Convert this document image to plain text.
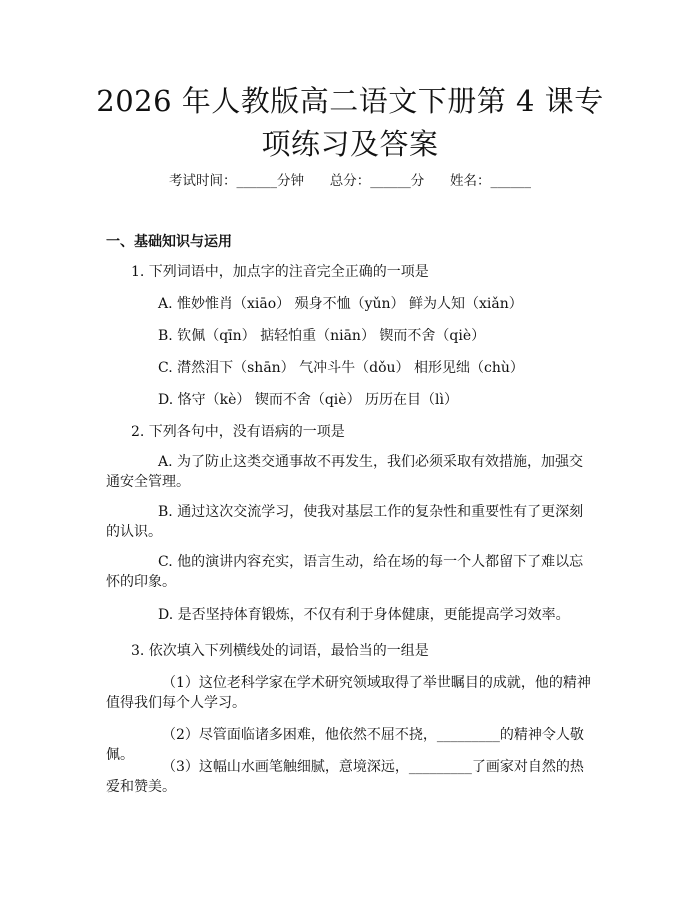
2026 年人教版高二语文下册第 4 课专项练习及答案
考试时间：______分钟 总分：______分 姓名：______
一、基础知识与运用
1. 下列词语中，加点字的注音完全正确的一项是
A. 惟妙惟肖（xiāo） 殒身不恤（yǔn） 鲜为人知（xiǎn）
B. 钦佩（qīn） 掂轻怕重（niān） 锲而不舍（qiè）
C. 潸然泪下（shān） 气冲斗牛（dǒu） 相形见绌（chù）
D. 恪守（kè） 锲而不舍（qiè） 历历在目（lì）
2. 下列各句中，没有语病的一项是
A. 为了防止这类交通事故不再发生，我们必须采取有效措施，加强交通安全管理。
B. 通过这次交流学习，使我对基层工作的复杂性和重要性有了更深刻的认识。
C. 他的演讲内容充实，语言生动，给在场的每一个人都留下了难以忘怀的印象。
D. 是否坚持体育锻炼，不仅有利于身体健康，更能提高学习效率。
3. 依次填入下列横线处的词语，最恰当的一组是
（1）这位老科学家在学术研究领域取得了举世瞩目的成就，他的精神值得我们每个人学习。
（2）尽管面临诸多困难，他依然不屈不挠，_________的精神令人敬佩。
（3）这幅山水画笔触细腻，意境深远，_________了画家对自然的热爱和赞美。
